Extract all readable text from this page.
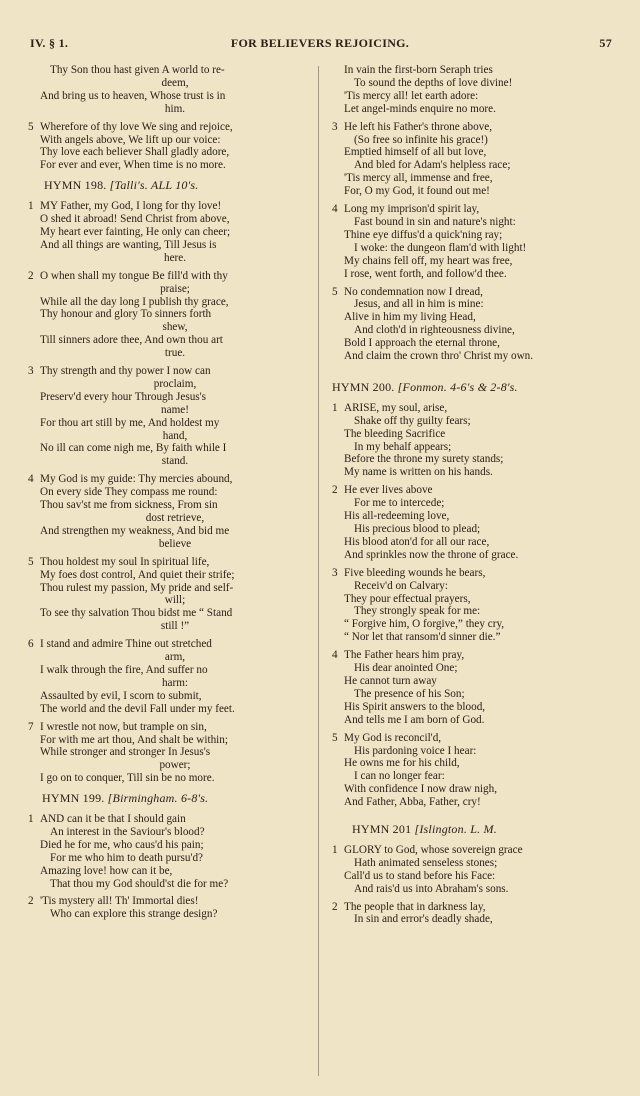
IV. § 1.	FOR BELIEVERS REJOICING.	57
Thy Son thou hast given A world to re-
deem,
And bring us to heaven, Whose trust is in
him.
5 Wherefore of thy love We sing and rejoice,
With angels above, We lift up our voice:
Thy love each believer Shall gladly adore,
For ever and ever, When time is no more.
HYMN 198. [Talli's. ALL 10's.
1 MY Father, my God, I long for thy love!
O shed it abroad! Send Christ from above,
My heart ever fainting, He only can cheer;
And all things are wanting, Till Jesus is
here.
2 O when shall my tongue Be fill'd with thy
praise;
While all the day long I publish thy grace,
Thy honour and glory To sinners forth
shew,
Till sinners adore thee, And own thou art
true.
3 Thy strength and thy power I now can
proclaim,
Preserv'd every hour Through Jesus's
name!
For thou art still by me, And holdest my
hand,
No ill can come nigh me, By faith while I
stand.
4 My God is my guide: Thy mercies abound,
On every side They compass me round:
Thou sav'st me from sickness, From sin
dost retrieve,
And strengthen my weakness, And bid me
believe
5 Thou holdest my soul In spiritual life,
My foes dost control, And quiet their strife;
Thou rulest my passion, My pride and self-
will;
To see thy salvation Thou bidst me “ Stand
still !”
6 I stand and admire Thine out stretched
arm,
I walk through the fire, And suffer no
harm:
Assaulted by evil, I scorn to submit,
The world and the devil Fall under my feet.
7 I wrestle not now, but trample on sin,
For with me art thou, And shalt be within;
While stronger and stronger In Jesus's
power;
I go on to conquer, Till sin be no more.
HYMN 199. [Birmingham. 6-8's.
1 AND can it be that I should gain
An interest in the Saviour's blood?
Died he for me, who caus'd his pain;
For me who him to death pursu'd?
Amazing love! how can it be,
That thou my God should'st die for me?
2 'Tis mystery all! Th' Immortal dies!
Who can explore this strange design?
In vain the first-born Seraph tries
To sound the depths of love divine!
'Tis mercy all! let earth adore:
Let angel-minds enquire no more.
3 He left his Father's throne above,
(So free so infinite his grace!)
Emptied himself of all but love,
And bled for Adam's helpless race;
'Tis mercy all, immense and free,
For, O my God, it found out me!
4 Long my imprison'd spirit lay,
Fast bound in sin and nature's night:
Thine eye diffus'd a quick'ning ray;
I woke: the dungeon flam'd with light!
My chains fell off, my heart was free,
I rose, went forth, and follow'd thee.
5 No condemnation now I dread,
Jesus, and all in him is mine:
Alive in him my living Head,
And cloth'd in righteousness divine,
Bold I approach the eternal throne,
And claim the crown thro' Christ my own.
HYMN 200. [Fonmon. 4-6's & 2-8's.
1 ARISE, my soul, arise,
Shake off thy guilty fears;
The bleeding Sacrifice
In my behalf appears;
Before the throne my surety stands;
My name is written on his hands.
2 He ever lives above
For me to intercede;
His all-redeeming love,
His precious blood to plead;
His blood aton'd for all our race,
And sprinkles now the throne of grace.
3 Five bleeding wounds he bears,
Receiv'd on Calvary:
They pour effectual prayers,
They strongly speak for me:
“ Forgive him, O forgive,” they cry,
“ Nor let that ransom'd sinner die.”
4 The Father hears him pray,
His dear anointed One;
He cannot turn away
The presence of his Son;
His Spirit answers to the blood,
And tells me I am born of God.
5 My God is reconcil'd,
His pardoning voice I hear:
He owns me for his child,
I can no longer fear:
With confidence I now draw nigh,
And Father, Abba, Father, cry!
HYMN 201 [Islington. L. M.
1 GLORY to God, whose sovereign grace
Hath animated senseless stones;
Call'd us to stand before his Face:
And rais'd us into Abraham's sons.
2 The people that in darkness lay,
In sin and error's deadly shade,
